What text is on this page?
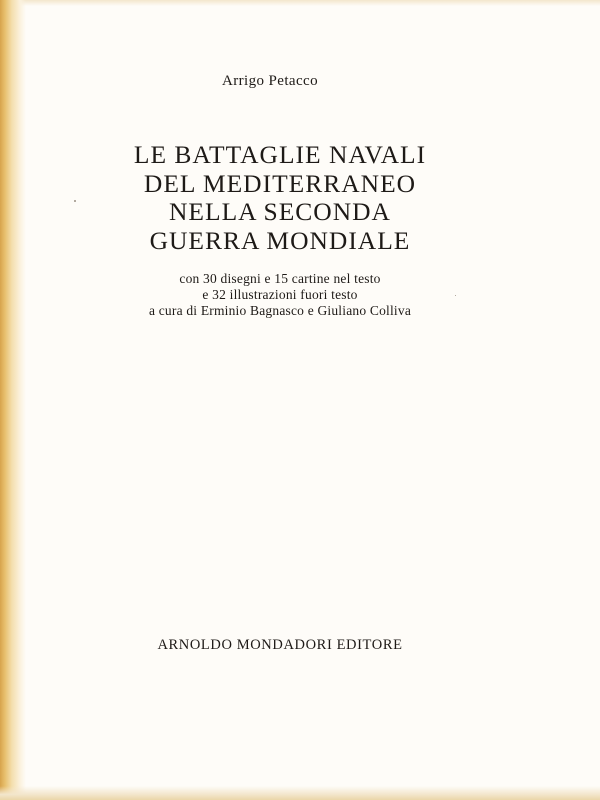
Arrigo Petacco
LE BATTAGLIE NAVALI
DEL MEDITERRANEO
NELLA SECONDA
GUERRA MONDIALE
con 30 disegni e 15 cartine nel testo
e 32 illustrazioni fuori testo
a cura di Erminio Bagnasco e Giuliano Colliva
ARNOLDO MONDADORI EDITORE
